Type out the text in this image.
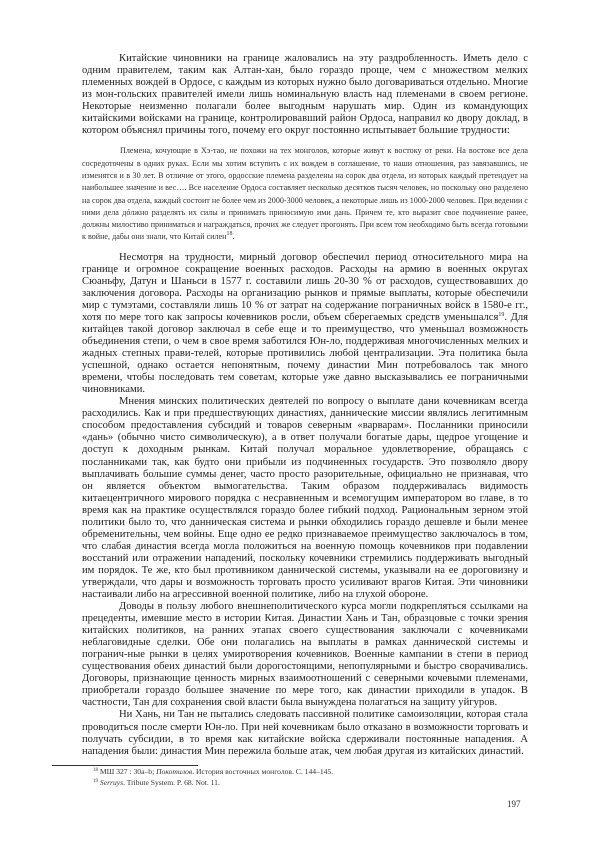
Китайские чиновники на границе жаловались на эту раздробленность. Иметь дело с одним правителем, таким как Алтан-хан, было гораздо проще, чем с множеством мелких племенных вождей в Ордосе, с каждым из которых нужно было договариваться отдельно. Многие из мон-гольских правителей имели лишь номинальную власть над племенами в своем регионе. Некоторые неизменно полагали более выгодным нарушать мир. Один из командующих китайскими войсками на границе, контролировавший район Ордоса, направил ко двору доклад, в котором объяснял причины того, почему его округ постоянно испытывает большие трудности:

Племена, кочующие в Хэ-тао, не похожи на тех монголов, которые живут к востоку от реки. На востоке все дела сосредоточены в одних руках. Если мы хотим вступить с их вождем в соглашение, то наши отношения, раз завязавшись, не изменятся и в 30 лет. В отличие от этого, ордосские племена разделены на сорок два отдела, из которых каждый претендует на наибольшее значение и вес…. Все население Ордоса составляет несколько десятков тысяч человек, но поскольку оно разделено на сорок два отдела, каждый состоит не более чем из 2000-3000 человек, а некоторые лишь из 1000-2000 человек. При ведении с ними дела дóлжно разделять их силы и принимать приносимую ими дань. Причем те, кто выразит свое подчинение ранее, должны милостиво приниматься и награждаться, прочих же следует прогонять. При всем том необходимо быть всегда готовыми к войне, дабы они знали, что Китай силен$^{18}$.

Несмотря на трудности, мирный договор обеспечил период относительного мира на границе и огромное сокращение военных расходов. Расходы на армию в военных округах Сюаньфу, Датун и Шаньси в 1577 г. составили лишь 20-30 % от расходов, существовавших до заключения договора. Расходы на организацию рынков и прямые выплаты, которые обеспечили мир с тумэтами, составляли лишь 10 % от затрат на содержание пограничных войск в 1580-е гг., хотя по мере того как запросы кочевников росли, объем сберегаемых средств уменьшался$^{19}$. Для китайцев такой договор заключал в себе еще и то преимущество, что уменьшал возможность объединения степи, о чем в свое время заботился Юн-ло, поддерживая многочисленных мелких и жадных степных прави-телей, которые противились любой централизации. Эта политика была успешной, однако остается непонятным, почему династии Мин потребовалось так много времени, чтобы последовать тем советам, которые уже давно высказывались ее пограничными чиновниками.

Мнения минских политических деятелей по вопросу о выплате дани кочевникам всегда расходились. Как и при предшествующих династиях, даннические миссии являлись легитимным способом предоставления субсидий и товаров северным «варварам». Посланники приносили «дань» (обычно чисто символическую), а в ответ получали богатые дары, щедрое угощение и доступ к доходным рынкам. Китай получал моральное удовлетворение, обращаясь с посланниками так, как будто они прибыли из подчиненных государств. Это позволяло двору выплачивать большие суммы денег, часто просто разорительные, официально не признавая, что он является объектом вымогательства. Таким образом поддерживалась видимость китаецентричного мирового порядка с несравненным и всемогущим императором во главе, в то время как на практике осуществлялся гораздо более гибкий подход. Рациональным зерном этой политики было то, что данническая система и рынки обходились гораздо дешевле и были менее обременительны, чем войны. Еще одно ее редко признаваемое преимущество заключалось в том, что слабая династия всегда могла положиться на военную помощь кочевников при подавлении восстаний или отражении нападений, поскольку кочевники стремились поддерживать выгодный им порядок. Те же, кто был противником даннической системы, указывали на ее дороговизну и утверждали, что дары и возможность торговать просто усиливают врагов Китая. Эти чиновники настаивали либо на агрессивной военной политике, либо на глухой обороне.

Доводы в пользу любого внешнеполитического курса могли подкрепляться ссылками на прецеденты, имевшие место в истории Китая. Династии Хань и Тан, образцовые с точки зрения китайских политиков, на ранних этапах своего существования заключали с кочевниками неблаговидные сделки. Обе они полагались на выплаты в рамках даннической системы и погранич-ные рынки в целях умиротворения кочевников. Военные кампании в степи в период существования обеих династий были дорогостоящими, непопулярными и быстро сворачивались. Договоры, признающие ценность мирных взаимоотношений с северными кочевыми племенами, приобретали гораздо большее значение по мере того, как династии приходили в упадок. В частности, Тан для сохранения свой власти была вынуждена полагаться на защиту уйгуров.

Ни Хань, ни Тан не пытались следовать пассивной политике самоизоляции, которая стала проводиться после смерти Юн-ло. При ней кочевникам было отказано в возможности торговать и получать субсидии, в то время как китайские войска сдерживали постоянные нападения. А нападения были: династия Мин пережила больше атак, чем любая другая из китайских династий.

$^{18}$ МШ 327 : 30a–b; Покотилов. История восточных монголов. С. 144–145.
$^{19}$ Serruys. Tribute System. P. 68. Not. 11.
197
